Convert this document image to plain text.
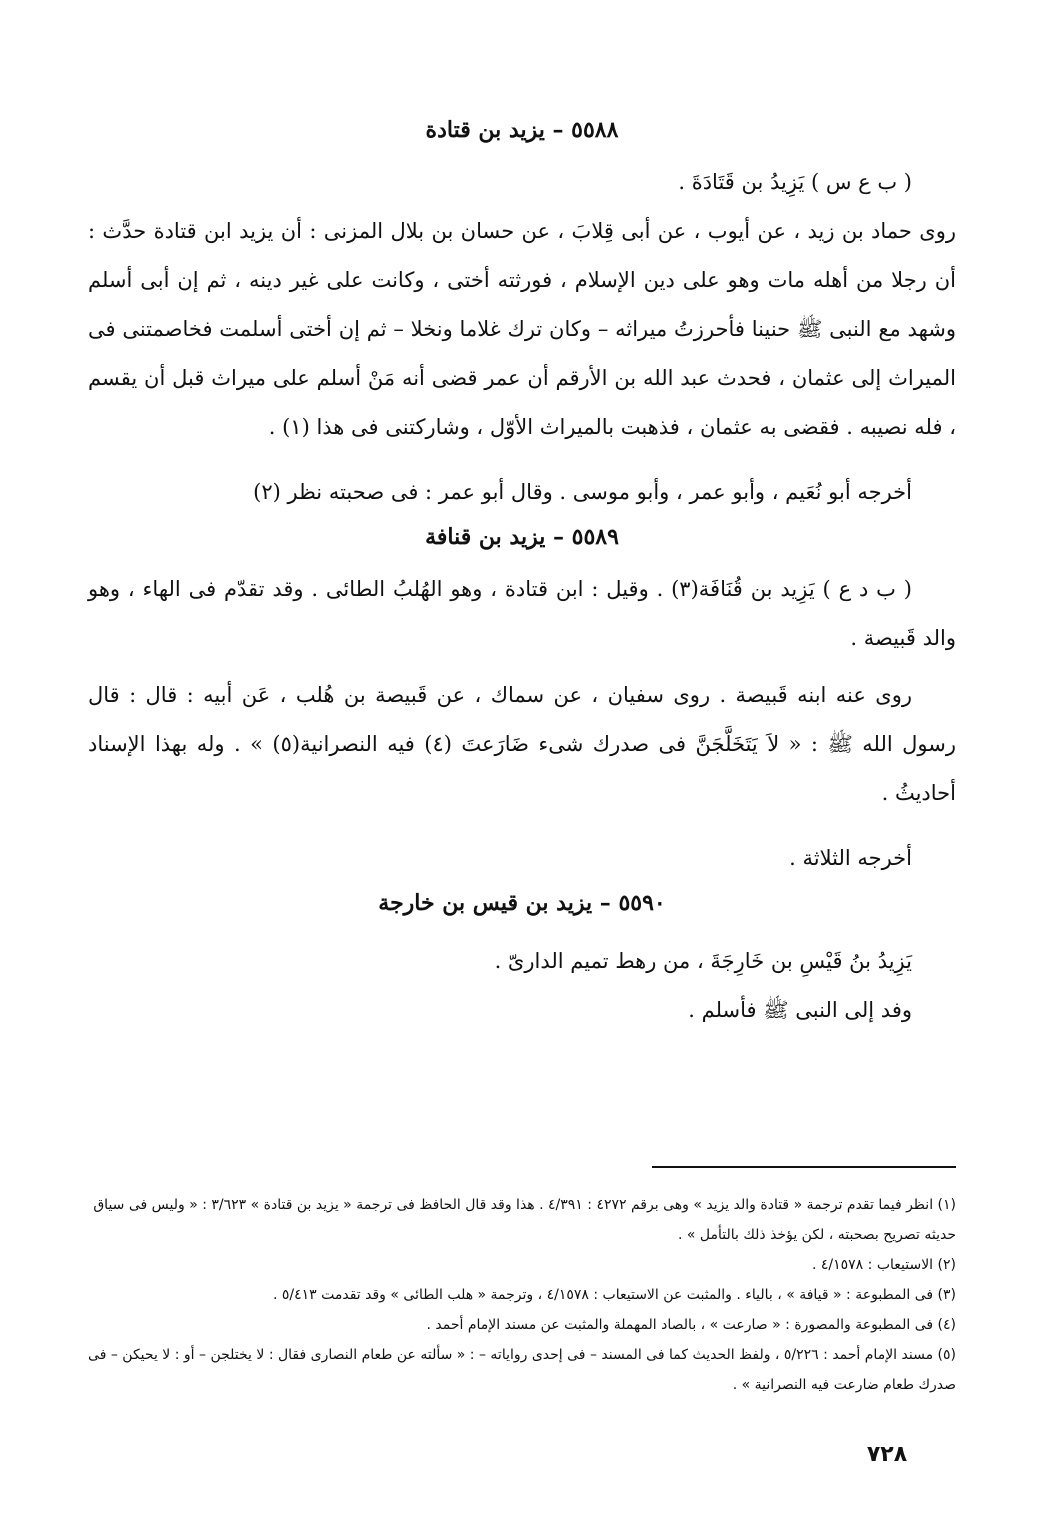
٥٥٨٨ – يزيد بن قتادة

( ب ع س ) يَزِيدُ بن قَتَادَةَ .

روى حماد بن زيد ، عن أيوب ، عن أبى قِلابَ ، عن حسان بن بلال المزنى : أن يزيد ابن قتادة حدَّث : أن رجلا من أهله مات وهو على دين الإسلام ، فورثته أختى ، وكانت على غير دينه ، ثم إن أبى أسلم وشهد مع النبى ﷺ حنينا فأحرزتُ ميراثه – وكان ترك غلاما ونخلا – ثم إن أختى أسلمت فخاصمتنى فى الميراث إلى عثمان ، فحدث عبد الله بن الأرقم أن عمر قضى أنه مَنْ أسلم على ميراث قبل أن يقسم ، فله نصيبه . فقضى به عثمان ، فذهبت بالميراث الأوّل ، وشاركتنى فى هذا (١) .

أخرجه أبو نُعَيم ، وأبو عمر ، وأبو موسى . وقال أبو عمر : فى صحبته نظر (٢)

٥٥٨٩ – يزيد بن قنافة

( ب د ع ) يَزِيد بن قُنَافَة(٣) . وقيل : ابن قتادة ، وهو الهُلبُ الطائى . وقد تقدّم فى الهاء ، وهو والد قَبيصة .

روى عنه ابنه قَبيصة . روى سفيان ، عن سماك ، عن قَبيصة بن هُلب ، عَن أبيه : قال : قال رسول الله ﷺ : « لاَ يَتَخَلَّجَنَّ فى صدرك شىء ضَارَعتَ (٤) فيه النصرانية(٥) » . وله بهذا الإسناد أحاديثُ .

أخرجه الثلاثة .

٥٥٩٠ – يزيد بن قيس بن خارجة

يَزِيدُ بنُ قَيْسِ بن خَارِجَةَ ، من رهط تميم الدارىّ .

وفد إلى النبى ﷺ فأسلم .

(١) انظر فيما تقدم ترجمة « قتادة والد يزيد » وهى برقم ٤٢٧٢ : ٤/٣٩١ . هذا وقد قال الحافظ فى ترجمة « يزيد بن قتادة » ٣/٦٢٣ : « وليس فى سياق حديثه تصريح بصحبته ، لكن يؤخذ ذلك بالتأمل » .

(٢) الاستيعاب : ٤/١٥٧٨ .

(٣) فى المطبوعة : « قيافة » ، بالياء . والمثبت عن الاستيعاب : ٤/١٥٧٨ ، وترجمة « هلب الطائى » وقد تقدمت ٥/٤١٣ .

(٤) فى المطبوعة والمصورة : « صارعت » ، بالصاد المهملة والمثبت عن مسند الإمام أحمد .

(٥) مسند الإمام أحمد : ٥/٢٢٦ ، ولفظ الحديث كما فى المسند – فى إحدى رواياته – : « سألته عن طعام النصارى فقال : لا يختلجن – أو : لا يحيكن – فى صدرك طعام ضارعت فيه النصرانية » .

٧٢٨
